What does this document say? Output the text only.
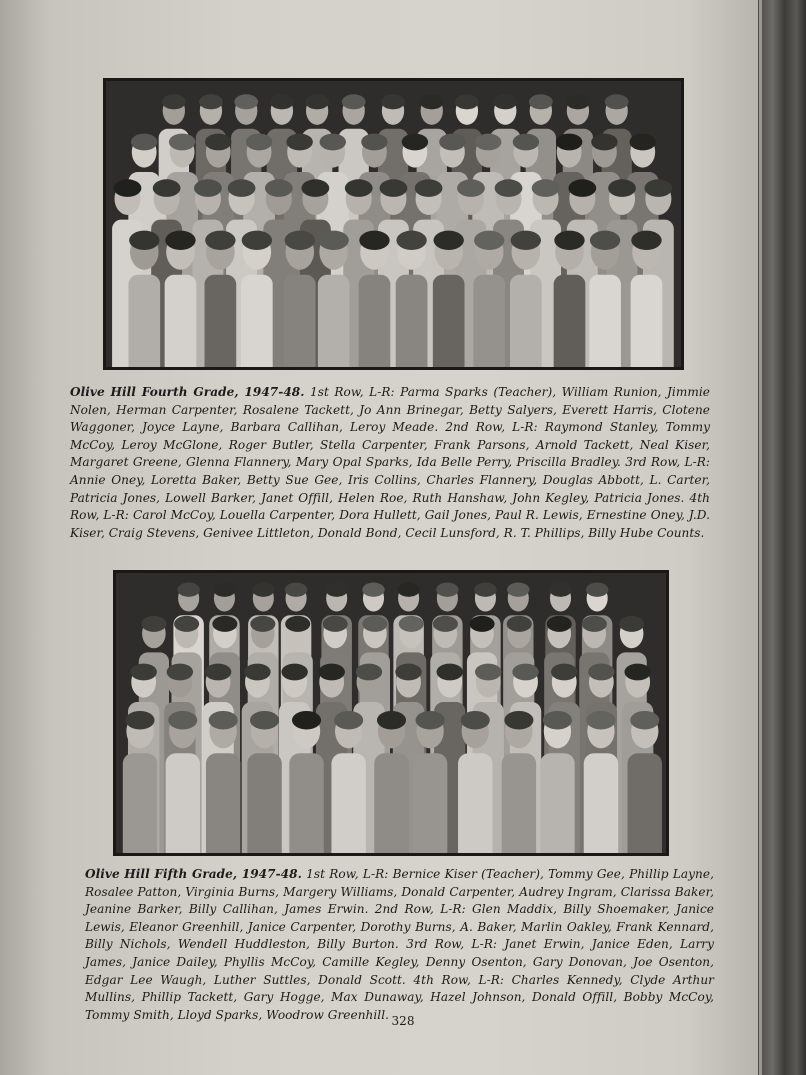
Olive Hill Fourth Grade, 1947-48. 1st Row, L-R: Parma Sparks (Teacher), William Runion, Jimmie Nolen, Herman Carpenter, Rosalene Tackett, Jo Ann Brinegar, Betty Salyers, Everett Harris, Clotene Waggoner, Joyce Layne, Barbara Callihan, Leroy Meade. 2nd Row, L-R: Raymond Stanley, Tommy McCoy, Leroy McGlone, Roger Butler, Stella Carpenter, Frank Parsons, Arnold Tackett, Neal Kiser, Margaret Greene, Glenna Flannery, Mary Opal Sparks, Ida Belle Perry, Priscilla Bradley. 3rd Row, L-R: Annie Oney, Loretta Baker, Betty Sue Gee, Iris Collins, Charles Flannery, Douglas Abbott, L. Carter, Patricia Jones, Lowell Barker, Janet Offill, Helen Roe, Ruth Hanshaw, John Kegley, Patricia Jones. 4th Row, L-R: Carol McCoy, Louella Carpenter, Dora Hullett, Gail Jones, Paul R. Lewis, Ernestine Oney, J.D. Kiser, Craig Stevens, Genivee Littleton, Donald Bond, Cecil Lunsford, R. T. Phillips, Billy Hube Counts.
Olive Hill Fifth Grade, 1947-48. 1st Row, L-R: Bernice Kiser (Teacher), Tommy Gee, Phillip Layne, Rosalee Patton, Virginia Burns, Margery Williams, Donald Carpenter, Audrey Ingram, Clarissa Baker, Jeanine Barker, Billy Callihan, James Erwin. 2nd Row, L-R: Glen Maddix, Billy Shoemaker, Janice Lewis, Eleanor Greenhill, Janice Carpenter, Dorothy Burns, A. Baker, Marlin Oakley, Frank Kennard, Billy Nichols, Wendell Huddleston, Billy Burton. 3rd Row, L-R: Janet Erwin, Janice Eden, Larry James, Janice Dailey, Phyllis McCoy, Camille Kegley, Denny Osenton, Gary Donovan, Joe Osenton, Edgar Lee Waugh, Luther Suttles, Donald Scott. 4th Row, L-R: Charles Kennedy, Clyde Arthur Mullins, Phillip Tackett, Gary Hogge, Max Dunaway, Hazel Johnson, Donald Offill, Bobby McCoy, Tommy Smith, Lloyd Sparks, Woodrow Greenhill. 328
